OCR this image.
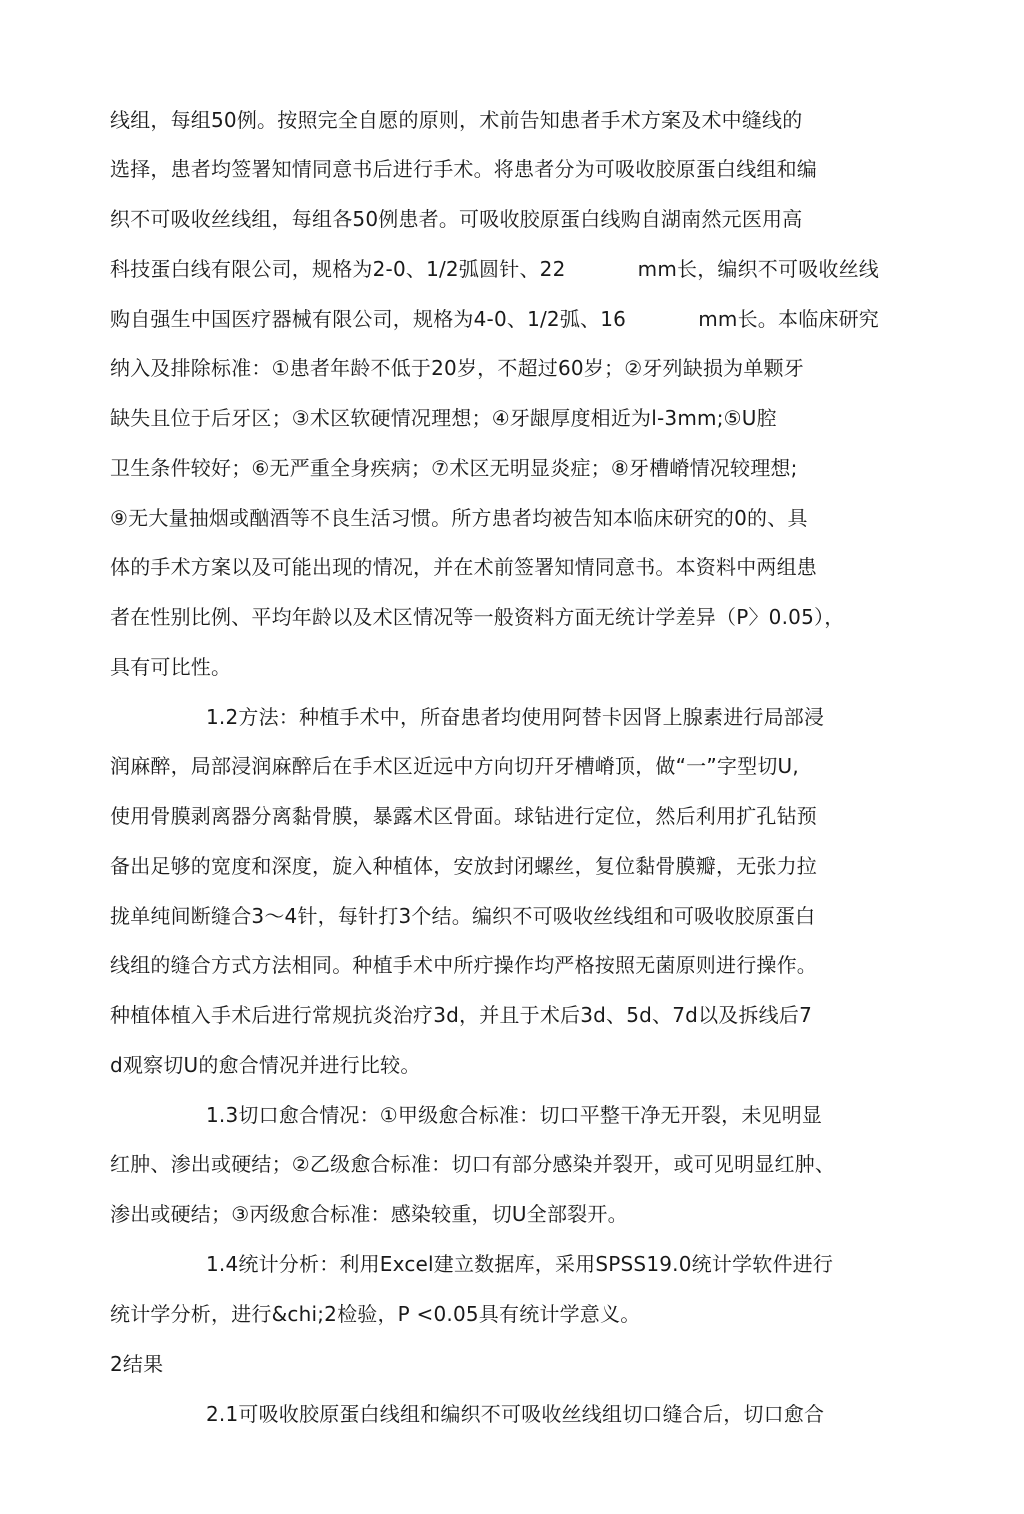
线组，每组50例。按照完全自愿的原则，术前告知患者手术方案及术中缝线的
选择，患者均签署知情同意书后进行手术。将患者分为可吸收胶原蛋白线组和编
织不可吸收丝线组，每组各50例患者。可吸收胶原蛋白线购自湖南然元医用高
科技蛋白线有限公司，规格为2-0、1/2弧圆针、22           mm长，编织不可吸收丝线
购自强生中国医疗器械有限公司，规格为4-0、1/2弧、16           mm长。本临床研究
纳入及排除标准：①患者年龄不低于20岁，不超过60岁；②牙列缺损为单颗牙
缺失且位于后牙区；③术区软硬情况理想；④牙龈厚度相近为l-3mm;⑤U腔
卫生条件较好；⑥无严重全身疾病；⑦术区无明显炎症；⑧牙槽嵴情况较理想;
⑨无大量抽烟或酗酒等不良生活习惯。所方患者均被告知本临床研究的0的、具
体的手术方案以及可能出现的情况，并在术前签署知情同意书。本资料中两组患
者在性别比例、平均年龄以及术区情况等一般资料方面无统计学差异（P〉0.05），
具有可比性。
1.2方法：种植手术中，所奋患者均使用阿替卡因肾上腺素进行局部浸
润麻醉，局部浸润麻醉后在手术区近远中方向切幵牙槽嵴顶，做“一”字型切U,
使用骨膜剥离器分离黏骨膜，暴露术区骨面。球钻进行定位，然后利用扩孔钻预
备出足够的宽度和深度，旋入种植体，安放封闭螺丝，复位黏骨膜瓣，无张力拉
拢单纯间断缝合3～4针，每针打3个结。编织不可吸收丝线组和可吸收胶原蛋白
线组的缝合方式方法相同。种植手术中所疔操作均严格按照无菌原则进行操作。
种植体植入手术后进行常规抗炎治疗3d，并且于术后3d、5d、7d以及拆线后7
d观察切U的愈合情况并进行比较。
1.3切口愈合情况：①甲级愈合标准：切口平整干净无开裂，未见明显
红肿、渗出或硬结；②乙级愈合标准：切口有部分感染并裂开，或可见明显红肿、
渗出或硬结；③丙级愈合标准：感染较重，切U全部裂开。
1.4统计分析：利用Excel建立数据库，采用SPSS19.0统计学软件进行
统计学分析，进行&chi;2检验，P <0.05具有统计学意义。
2结果
2.1可吸收胶原蛋白线组和编织不可吸收丝线组切口缝合后，切口愈合
